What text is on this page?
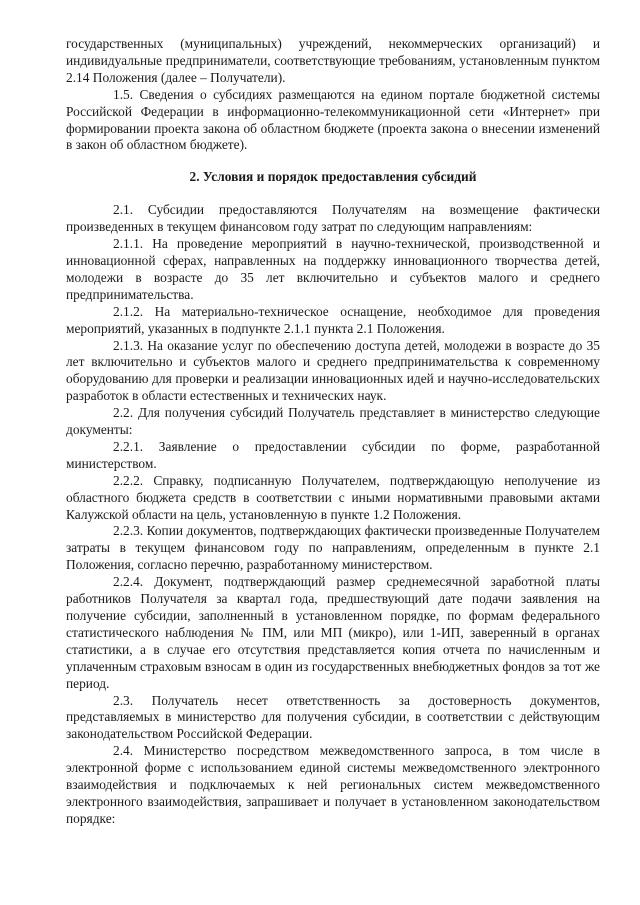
государственных (муниципальных) учреждений, некоммерческих организаций) и индивидуальные предприниматели, соответствующие требованиям, установленным пунктом 2.14 Положения (далее – Получатели).

1.5. Сведения о субсидиях размещаются на едином портале бюджетной системы Российской Федерации в информационно-телекоммуникационной сети «Интернет» при формировании проекта закона об областном бюджете (проекта закона о внесении изменений в закон об областном бюджете).

2. Условия и порядок предоставления субсидий

2.1. Субсидии предоставляются Получателям на возмещение фактически произведенных в текущем финансовом году затрат по следующим направлениям:

2.1.1. На проведение мероприятий в научно-технической, производственной и инновационной сферах, направленных на поддержку инновационного творчества детей, молодежи в возрасте до 35 лет включительно и субъектов малого и среднего предпринимательства.

2.1.2. На материально-техническое оснащение, необходимое для проведения мероприятий, указанных в подпункте 2.1.1 пункта 2.1 Положения.

2.1.3. На оказание услуг по обеспечению доступа детей, молодежи в возрасте до 35 лет включительно и субъектов малого и среднего предпринимательства к современному оборудованию для проверки и реализации инновационных идей и научно-исследовательских разработок в области естественных и технических наук.

2.2. Для получения субсидий Получатель представляет в министерство следующие документы:

2.2.1. Заявление о предоставлении субсидии по форме, разработанной министерством.

2.2.2. Справку, подписанную Получателем, подтверждающую неполучение из областного бюджета средств в соответствии с иными нормативными правовыми актами Калужской области на цель, установленную в пункте 1.2 Положения.

2.2.3. Копии документов, подтверждающих фактически произведенные Получателем затраты в текущем финансовом году по направлениям, определенным в пункте 2.1 Положения, согласно перечню, разработанному министерством.

2.2.4. Документ, подтверждающий размер среднемесячной заработной платы работников Получателя за квартал года, предшествующий дате подачи заявления на получение субсидии, заполненный в установленном порядке, по формам федерального статистического наблюдения № ПМ, или МП (микро), или 1-ИП, заверенный в органах статистики, а в случае его отсутствия представляется копия отчета по начисленным и уплаченным страховым взносам в один из государственных внебюджетных фондов за тот же период.

2.3. Получатель несет ответственность за достоверность документов, представляемых в министерство для получения субсидии, в соответствии с действующим законодательством Российской Федерации.

2.4. Министерство посредством межведомственного запроса, в том числе в электронной форме с использованием единой системы межведомственного электронного взаимодействия и подключаемых к ней региональных систем межведомственного электронного взаимодействия, запрашивает и получает в установленном законодательством порядке:
